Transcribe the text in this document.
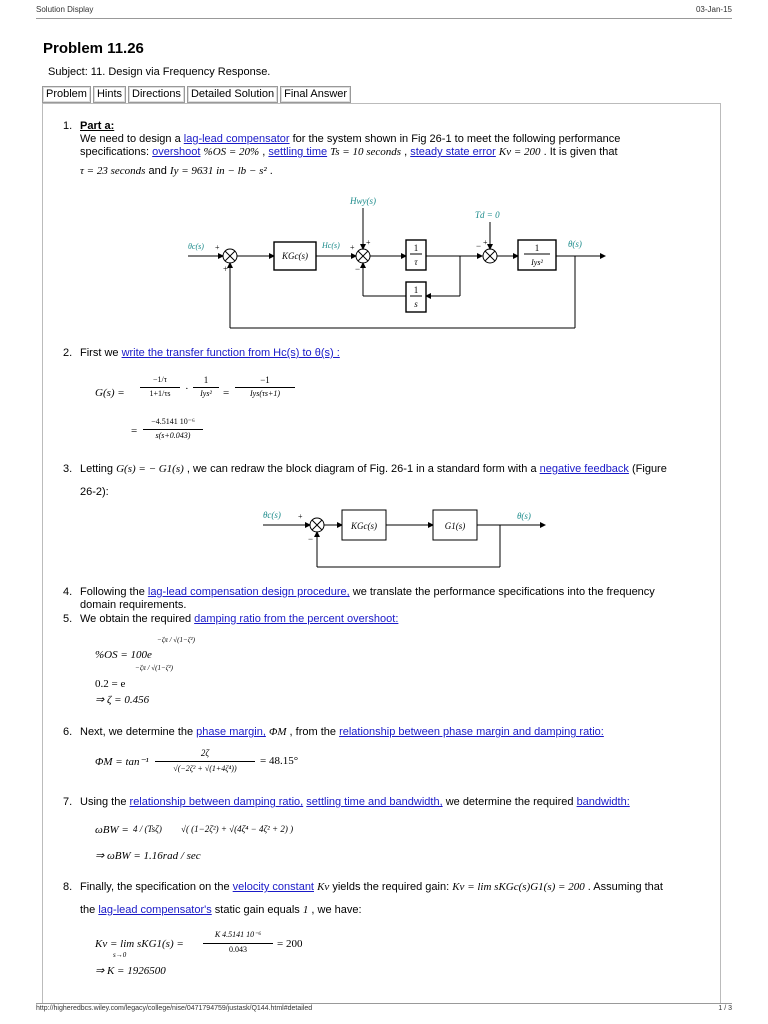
Solution Display	03-Jan-15
Problem 11.26
Subject: 11. Design via Frequency Response.
Problem Hints Directions Detailed Solution Final Answer
1. Part a:
We need to design a lag-lead compensator for the system shown in Fig 26-1 to meet the following performance
specifications: overshoot %OS = 20% , settling time Ts = 10 seconds , steady state error Kv = 200 . It is given that
τ = 23 seconds and Iy = 9631 in − lb − s² .
Hwy(s)
Td = 0
θc(s) +
+
KGc(s)
Hc(s) +
+
−
1
τ
1
s
+
−	1
Iys²
θ(s)
2. First we write the transfer function from Hc(s) to θ(s) :
G(s) =
−1/τ
1+1/τs	·
1
Iys²	=
−1
Iys(τs+1)
=
−4.5141 10⁻⁶
s(s+0.043)
3. Letting G(s) = − G1(s) , we can redraw the block diagram of Fig. 26-1 in a standard form with a negative feedback (Figure
26-2):
θc(s) +
−
KGc(s)	G1(s)
θ(s)
4. Following the lag-lead compensation design procedure, we translate the performance specifications into the frequency
domain requirements.
5. We obtain the required damping ratio from the percent overshoot:
%OS = 100e
−ζπ / √(1−ζ²)
0.2 = e
−ζπ / √(1−ζ²)
⇒ ζ = 0.456
6. Next, we determine the phase margin, ΦM , from the relationship between phase margin and damping ratio:
ΦM = tan⁻¹
2ζ
√(−2ζ² + √(1+4ζ⁴))
= 48.15°
7. Using the relationship between damping ratio, settling time and bandwidth, we determine the required bandwidth:
ωBW = 4 / (Tsζ) √( (1−2ζ²) + √(4ζ⁴ − 4ζ² + 2) )
⇒ ωBW = 1.16rad / sec
8. Finally, the specification on the velocity constant Kv yields the required gain: Kv = lim sKGc(s)G1(s) = 200 . Assuming that
the lag-lead compensator's static gain equals 1 , we have:
Kv = lim sKG1(s) =
s→0
K 4.5141 10⁻⁶
0.043	= 200
⇒ K = 1926500
http://higheredbcs.wiley.com/legacy/college/nise/0471794759/justask/Q144.html#detailed	1 / 3
